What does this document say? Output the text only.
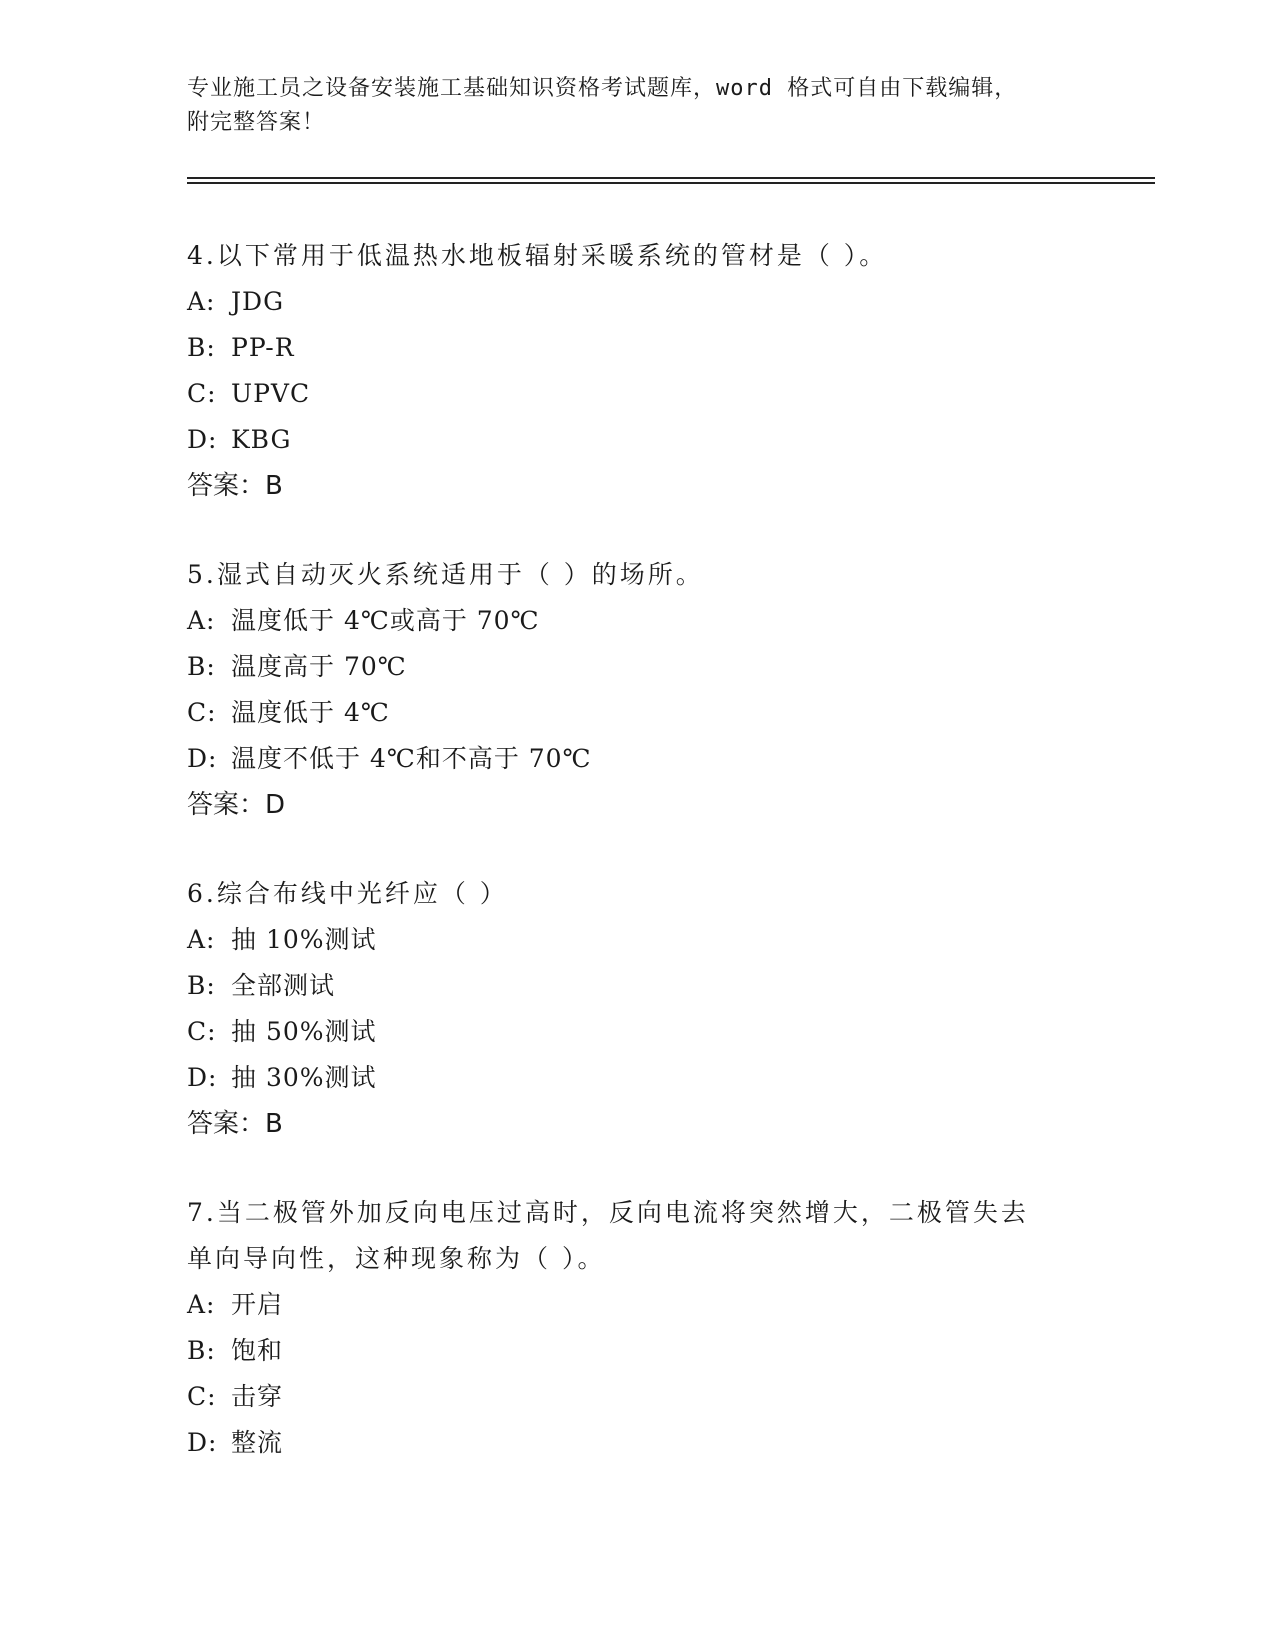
专业施工员之设备安装施工基础知识资格考试题库，word 格式可自由下载编辑，
附完整答案！

4.以下常用于低温热水地板辐射采暖系统的管材是（ ）。

A: JDG

B: PP-R

C: UPVC

D: KBG

答案：B

5.湿式自动灭火系统适用于（ ）的场所。

A: 温度低于 4℃或高于 70℃

B: 温度高于 70℃

C: 温度低于 4℃

D: 温度不低于 4℃和不高于 70℃

答案：D

6.综合布线中光纤应（ ）

A: 抽 10%测试

B: 全部测试

C: 抽 50%测试

D: 抽 30%测试

答案：B

7.当二极管外加反向电压过高时，反向电流将突然增大，二极管失去

单向导向性，这种现象称为（ ）。

A: 开启

B: 饱和

C: 击穿

D: 整流
